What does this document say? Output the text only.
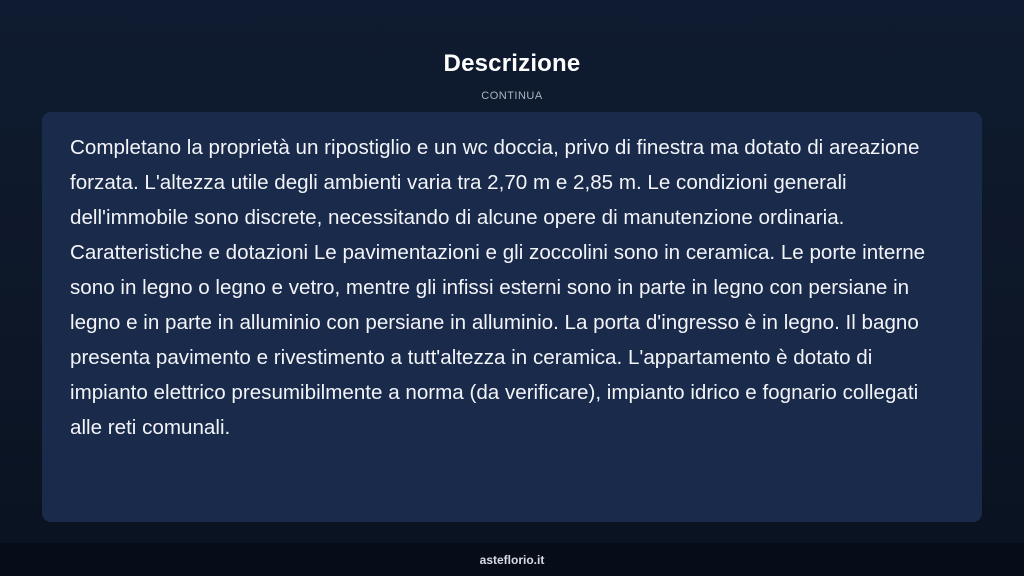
Descrizione
CONTINUA

Completano la proprietà un ripostiglio e un wc doccia, privo di finestra ma dotato di areazione forzata. L'altezza utile degli ambienti varia tra 2,70 m e 2,85 m. Le condizioni generali dell'immobile sono discrete, necessitando di alcune opere di manutenzione ordinaria. Caratteristiche e dotazioni Le pavimentazioni e gli zoccolini sono in ceramica. Le porte interne sono in legno o legno e vetro, mentre gli infissi esterni sono in parte in legno con persiane in legno e in parte in alluminio con persiane in alluminio. La porta d'ingresso è in legno. Il bagno presenta pavimento e rivestimento a tutt'altezza in ceramica. L'appartamento è dotato di impianto elettrico presumibilmente a norma (da verificare), impianto idrico e fognario collegati alle reti comunali.

asteflorio.it
